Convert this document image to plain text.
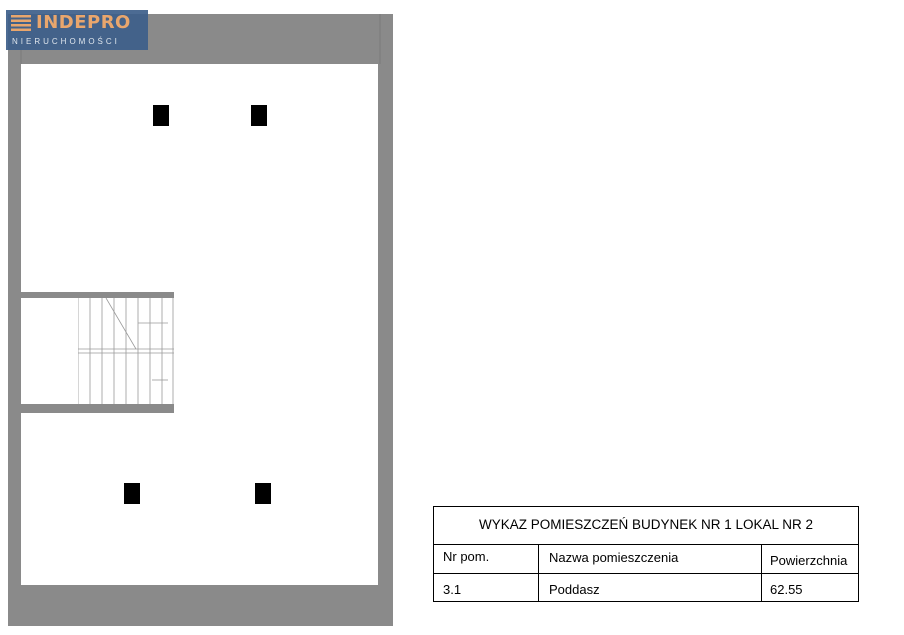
INDEPRO
NIERUCHOMOŚCI
WYKAZ POMIESZCZEŃ BUDYNEK NR 1 LOKAL NR 2
Nr pom.	Nazwa pomieszczenia	Powierzchnia
3.1	Poddasz	62.55
